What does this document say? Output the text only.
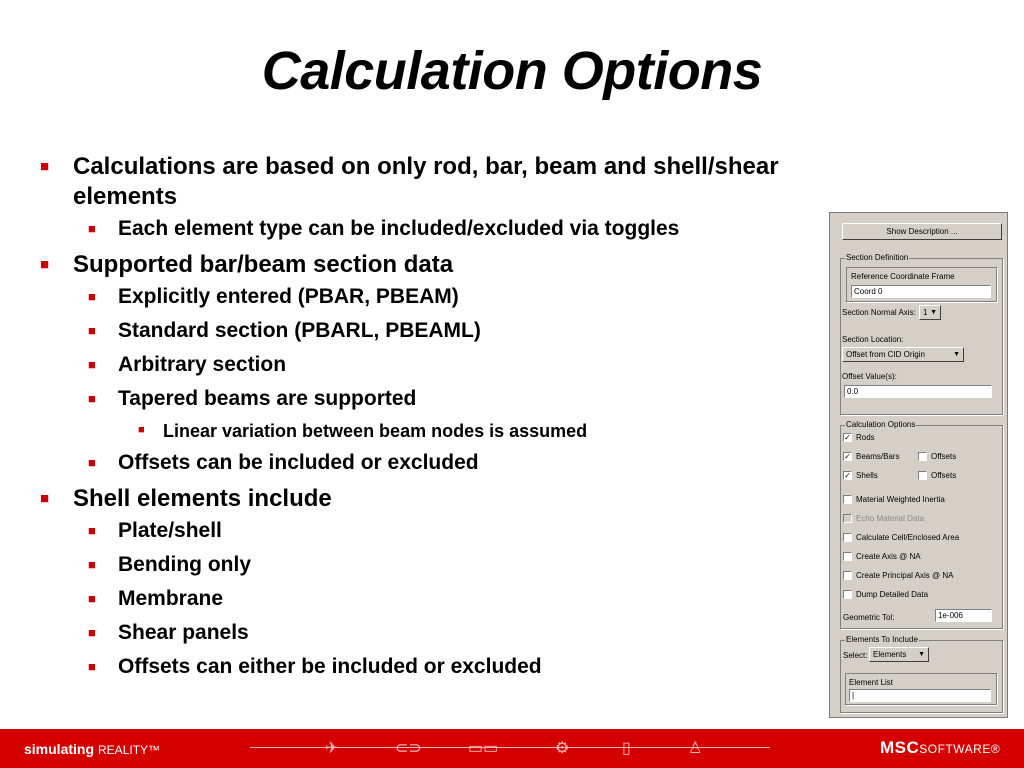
Calculation Options
■ Calculations are based on only rod, bar, beam and shell/shear elements
■ Each element type can be included/excluded via toggles
■ Supported bar/beam section data
■ Explicitly entered (PBAR, PBEAM)
■ Standard section (PBARL, PBEAML)
■ Arbitrary section
■ Tapered beams are supported
■ Linear variation between beam nodes is assumed
■ Offsets can be included or excluded
■ Shell elements include
■ Plate/shell
■ Bending only
■ Membrane
■ Shear panels
■ Offsets can either be included or excluded
Show Description ...
Section Definition
Reference Coordinate Frame
Coord 0
Section Normal Axis: 1 ▼
Section Location:
Offset from CID Origin	▼
Offset Value(s):
0.0
Calculation Options
✓ Rods
✓ Beams/Bars	Offsets
✓ Shells	Offsets
Material Weighted Inertia
Echo Material Data
Calculate Cell/Enclosed Area
Create Axis @ NA
Create Principal Axis @ NA
Dump Detailed Data
Geometric Tol:	1e-006
Elements To Include
Select: Elements ▼
Element List
|
simulating REALITY™	✈	⊂⊃	▭▭	⚙	▯	♙	MSCSOFTWARE®
